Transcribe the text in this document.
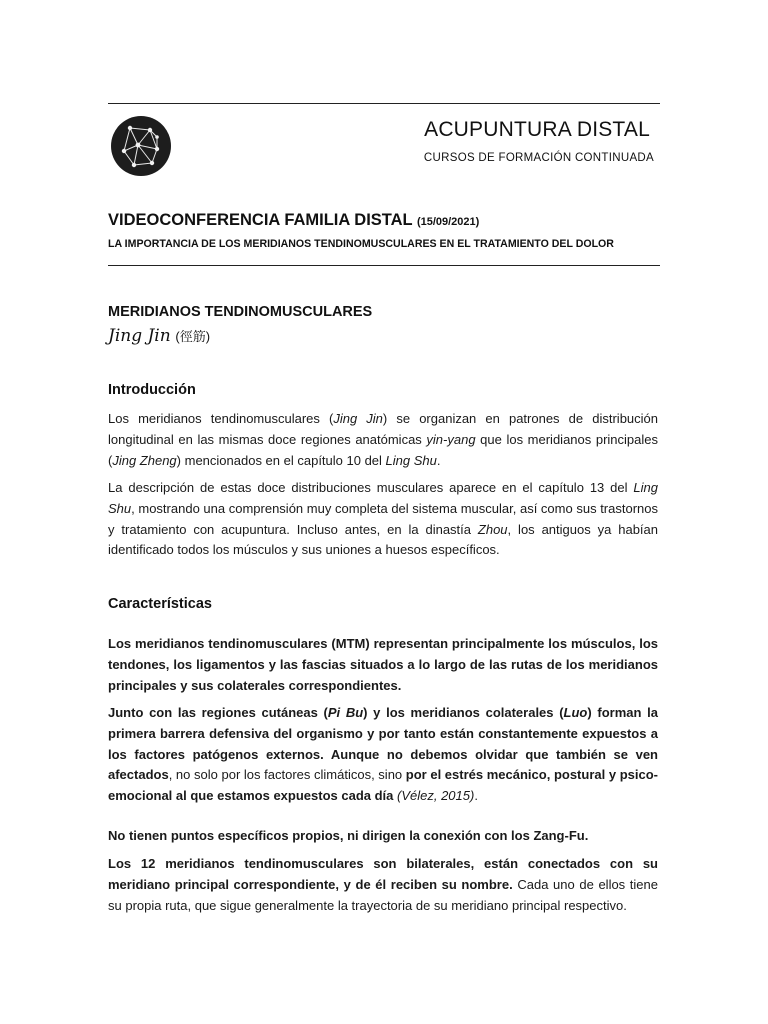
ACUPUNTURA DISTAL
CURSOS DE FORMACIÓN CONTINUADA
VIDEOCONFERENCIA FAMILIA DISTAL (15/09/2021)
LA IMPORTANCIA DE LOS MERIDIANOS TENDINOMUSCULARES EN EL TRATAMIENTO DEL DOLOR
MERIDIANOS TENDINOMUSCULARES
Jing Jin (徑筋)
Introducción

Los meridianos tendinomusculares (Jing Jin) se organizan en patrones de distribución longitudinal en las mismas doce regiones anatómicas yin-yang que los meridianos principales (Jing Zheng) mencionados en el capítulo 10 del Ling Shu.

La descripción de estas doce distribuciones musculares aparece en el capítulo 13 del Ling Shu, mostrando una comprensión muy completa del sistema muscular, así como sus trastornos y tratamiento con acupuntura. Incluso antes, en la dinastía Zhou, los antiguos ya habían identificado todos los músculos y sus uniones a huesos específicos.

Características

Los meridianos tendinomusculares (MTM) representan principalmente los músculos, los tendones, los ligamentos y las fascias situados a lo largo de las rutas de los meridianos principales y sus colaterales correspondientes.

Junto con las regiones cutáneas (Pi Bu) y los meridianos colaterales (Luo) forman la primera barrera defensiva del organismo y por tanto están constantemente expuestos a los factores patógenos externos. Aunque no debemos olvidar que también se ven afectados, no solo por los factores climáticos, sino por el estrés mecánico, postural y psico-emocional al que estamos expuestos cada día (Vélez, 2015).

No tienen puntos específicos propios, ni dirigen la conexión con los Zang-Fu.

Los 12 meridianos tendinomusculares son bilaterales, están conectados con su meridiano principal correspondiente, y de él reciben su nombre. Cada uno de ellos tiene su propia ruta, que sigue generalmente la trayectoria de su meridiano principal respectivo.
